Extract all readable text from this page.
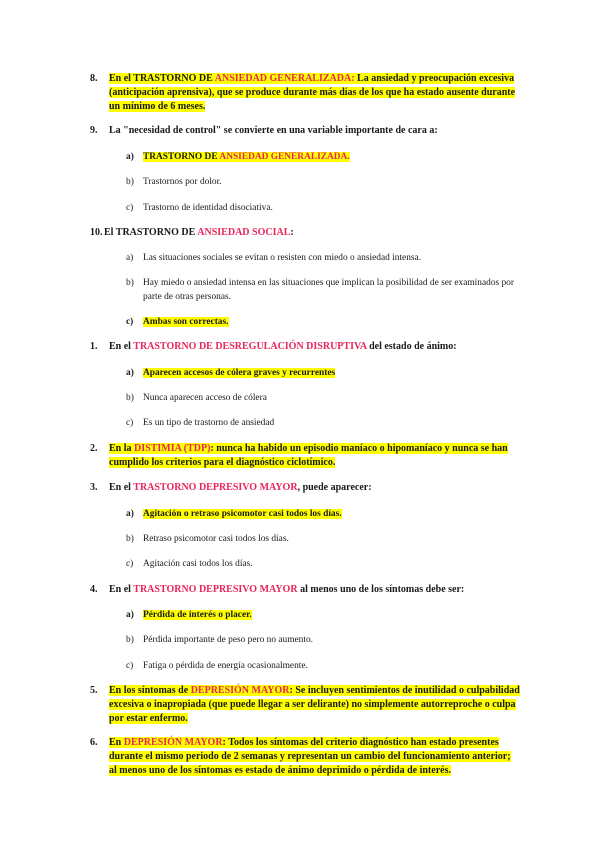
8. En el TRASTORNO DE ANSIEDAD GENERALIZADA: La ansiedad y preocupación excesiva (anticipación aprensiva), que se produce durante más días de los que ha estado ausente durante un mínimo de 6 meses.
9. La "necesidad de control" se convierte en una variable importante de cara a:
a) TRASTORNO DE ANSIEDAD GENERALIZADA.
b) Trastornos por dolor.
c) Trastorno de identidad disociativa.
10. El TRASTORNO DE ANSIEDAD SOCIAL:
a) Las situaciones sociales se evitan o resisten con miedo o ansiedad intensa.
b) Hay miedo o ansiedad intensa en las situaciones que implican la posibilidad de ser examinados por parte de otras personas.
c) Ambas son correctas.
1. En el TRASTORNO DE DESREGULACIÓN DISRUPTIVA del estado de ánimo:
a) Aparecen accesos de cólera graves y recurrentes
b) Nunca aparecen acceso de cólera
c) Es un tipo de trastorno de ansiedad
2. En la DISTIMIA (TDP): nunca ha habido un episodio maníaco o hipomaníaco y nunca se han cumplido los criterios para el diagnóstico ciclotímico.
3. En el TRASTORNO DEPRESIVO MAYOR, puede aparecer:
a) Agitación o retraso psicomotor casi todos los días.
b) Retraso psicomotor casi todos los días.
c) Agitación casi todos los días.
4. En el TRASTORNO DEPRESIVO MAYOR al menos uno de los síntomas debe ser:
a) Pérdida de interés o placer.
b) Pérdida importante de peso pero no aumento.
c) Fatiga o pérdida de energía ocasionalmente.
5. En los síntomas de DEPRESIÓN MAYOR: Se incluyen sentimientos de inutilidad o culpabilidad excesiva o inapropiada (que puede llegar a ser delirante) no simplemente autorreproche o culpa por estar enfermo.
6. En DEPRESIÓN MAYOR: Todos los síntomas del criterio diagnóstico han estado presentes durante el mismo periodo de 2 semanas y representan un cambio del funcionamiento anterior; al menos uno de los síntomas es estado de ánimo deprimido o pérdida de interés.
